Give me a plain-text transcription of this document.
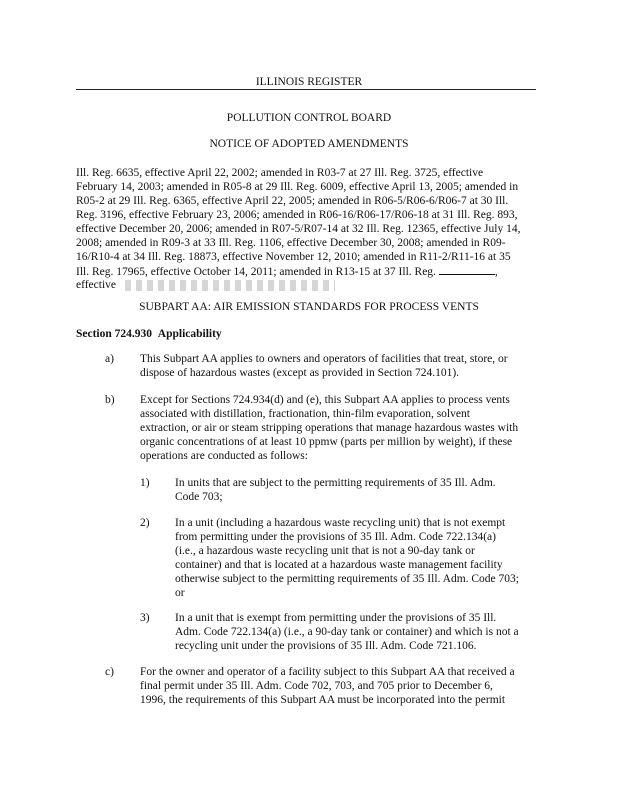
ILLINOIS REGISTER
POLLUTION CONTROL BOARD
NOTICE OF ADOPTED AMENDMENTS
Ill. Reg. 6635, effective April 22, 2002; amended in R03-7 at 27 Ill. Reg. 3725, effective
February 14, 2003; amended in R05-8 at 29 Ill. Reg. 6009, effective April 13, 2005; amended in
R05-2 at 29 Ill. Reg. 6365, effective April 22, 2005; amended in R06-5/R06-6/R06-7 at 30 Ill.
Reg. 3196, effective February 23, 2006; amended in R06-16/R06-17/R06-18 at 31 Ill. Reg. 893,
effective December 20, 2006; amended in R07-5/R07-14 at 32 Ill. Reg. 12365, effective July 14,
2008; amended in R09-3 at 33 Ill. Reg. 1106, effective December 30, 2008; amended in R09-
16/R10-4 at 34 Ill. Reg. 18873, effective November 12, 2010; amended in R11-2/R11-16 at 35
Ill. Reg. 17965, effective October 14, 2011; amended in R13-15 at 37 Ill. Reg.	,
effective
SUBPART AA: AIR EMISSION STANDARDS FOR PROCESS VENTS
Section 724.930 Applicability
a) This Subpart AA applies to owners and operators of facilities that treat, store, or
dispose of hazardous wastes (except as provided in Section 724.101).
b) Except for Sections 724.934(d) and (e), this Subpart AA applies to process vents
associated with distillation, fractionation, thin-film evaporation, solvent
extraction, or air or steam stripping operations that manage hazardous wastes with
organic concentrations of at least 10 ppmw (parts per million by weight), if these
operations are conducted as follows:
1) In units that are subject to the permitting requirements of 35 Ill. Adm.
Code 703;
2) In a unit (including a hazardous waste recycling unit) that is not exempt
from permitting under the provisions of 35 Ill. Adm. Code 722.134(a)
(i.e., a hazardous waste recycling unit that is not a 90-day tank or
container) and that is located at a hazardous waste management facility
otherwise subject to the permitting requirements of 35 Ill. Adm. Code 703;
or
3) In a unit that is exempt from permitting under the provisions of 35 Ill.
Adm. Code 722.134(a) (i.e., a 90-day tank or container) and which is not a
recycling unit under the provisions of 35 Ill. Adm. Code 721.106.
c) For the owner and operator of a facility subject to this Subpart AA that received a
final permit under 35 Ill. Adm. Code 702, 703, and 705 prior to December 6,
1996, the requirements of this Subpart AA must be incorporated into the permit
